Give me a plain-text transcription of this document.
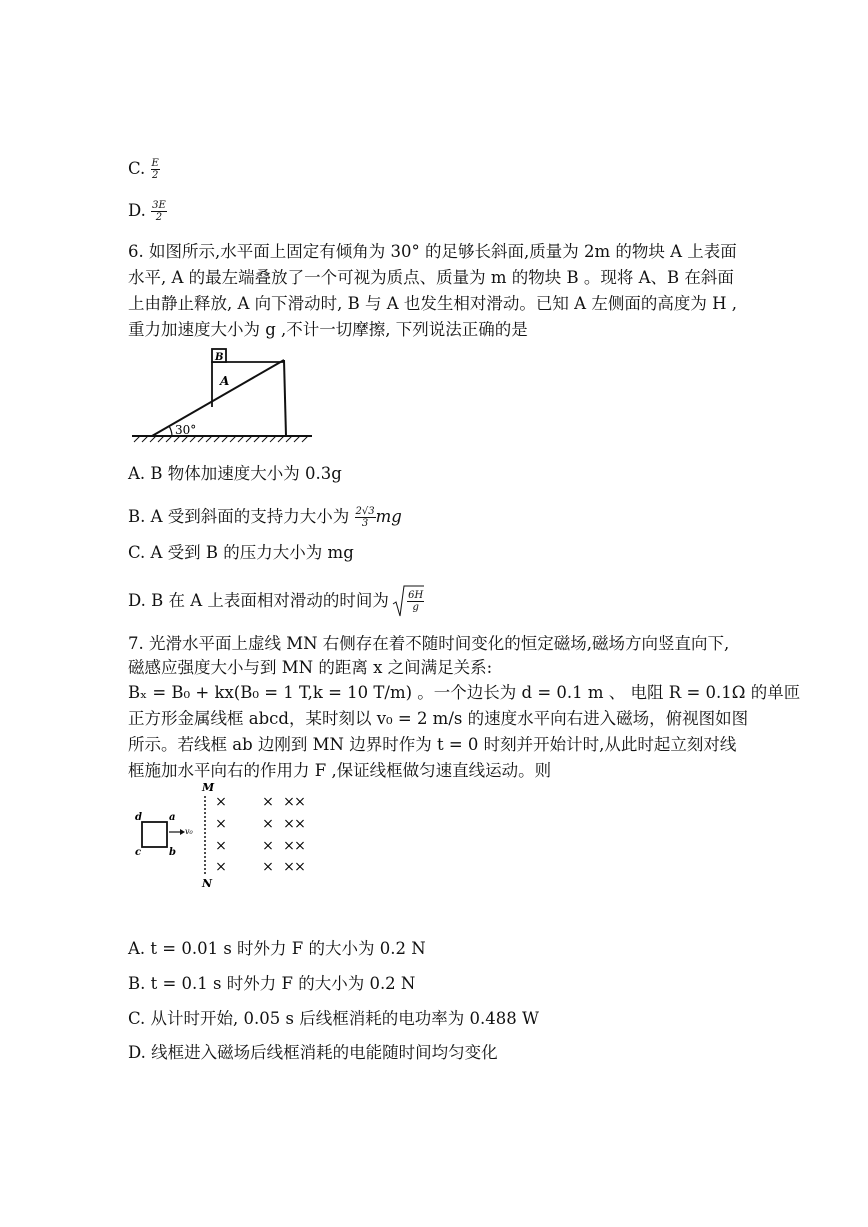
C. $\frac{E}{2}$
D. $\frac{3E}{2}$
6. 如图所示,水平面上固定有倾角为 30° 的足够长斜面,质量为 2m 的物块 A 上表面
水平, A 的最左端叠放了一个可视为质点、质量为 m 的物块 B 。现将 A、B 在斜面
上由静止释放, A 向下滑动时, B 与 A 也发生相对滑动。已知 A 左侧面的高度为 H ,
重力加速度大小为 g ,不计一切摩擦, 下列说法正确的是
A
B
30°
A. B 物体加速度大小为 0.3g
B. A 受到斜面的支持力大小为 $\frac{2√3}{3}$ mg
C. A 受到 B 的压力大小为 mg
D. B 在 A 上表面相对滑动的时间为 $\frac{6H}{g}$
7. 光滑水平面上虚线 MN 右侧存在着不随时间变化的恒定磁场,磁场方向竖直向下,
磁感应强度大小与到 MN 的距离 x 之间满足关系:
Bₓ = B₀ + kx(B₀ = 1 T,k = 10 T/m) 。一个边长为 d = 0.1 m 、 电阻 R = 0.1Ω 的单匝
正方形金属线框 abcd，某时刻以 v₀ = 2 m/s 的速度水平向右进入磁场，俯视图如图
所示。若线框 ab 边刚到 MN 边界时作为 t = 0 时刻并开始计时,从此时起立刻对线
框施加水平向右的作用力 F ,保证线框做匀速直线运动。则
M
N
d	a
c	b
v₀
×	× × ×
×	× × ×
×	× × ×
×	× × ×
A. t = 0.01 s 时外力 F 的大小为 0.2 N
B. t = 0.1 s 时外力 F 的大小为 0.2 N
C. 从计时开始, 0.05 s 后线框消耗的电功率为 0.488 W
D. 线框进入磁场后线框消耗的电能随时间均匀变化
